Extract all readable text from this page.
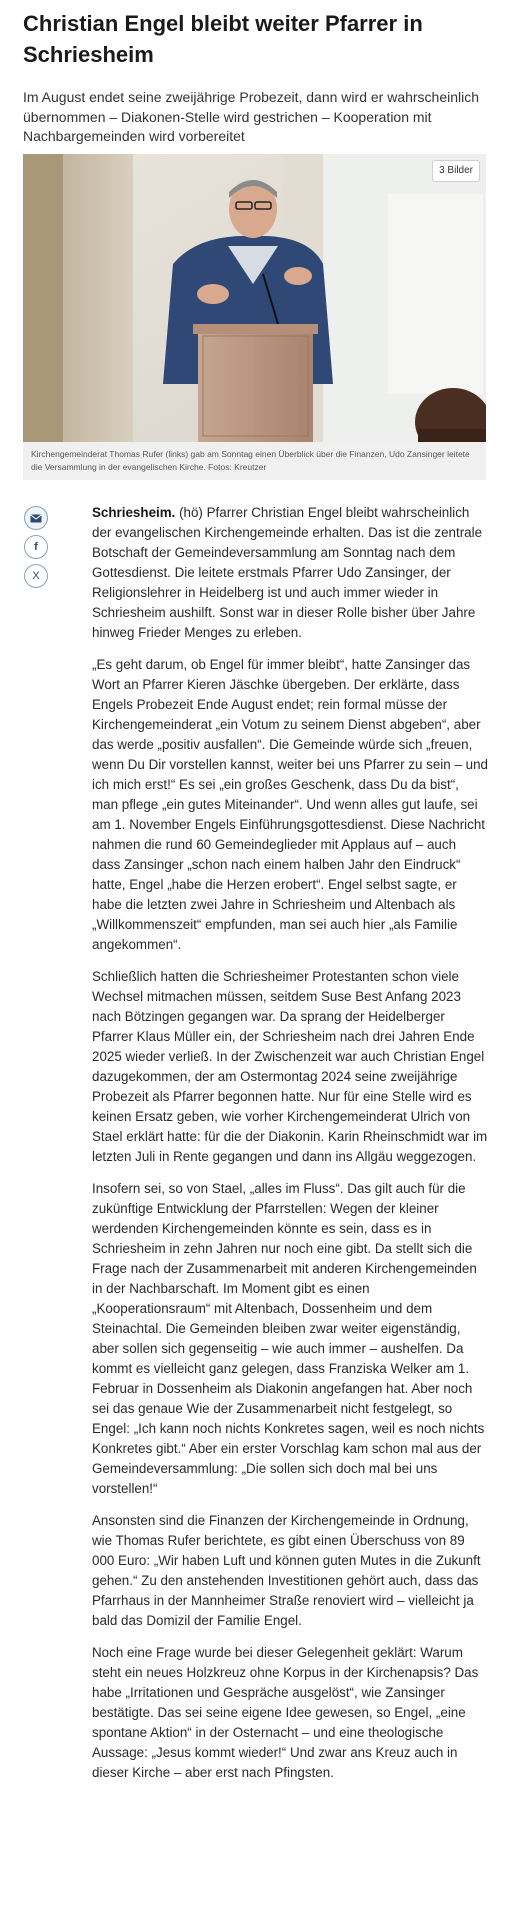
Christian Engel bleibt weiter Pfarrer in Schriesheim

Im August endet seine zweijährige Probezeit, dann wird er wahrscheinlich übernommen – Diakonen-Stelle wird gestrichen – Kooperation mit Nachbargemeinden wird vorbereitet

3 Bilder
Kirchengemeinderat Thomas Rufer (links) gab am Sonntag einen Überblick über die Finanzen, Udo Zansinger leitete die Versammlung in der evangelischen Kirche. Fotos: Kreutzer
f
X

Schriesheim. (hö) Pfarrer Christian Engel bleibt wahrscheinlich der evangelischen Kirchengemeinde erhalten. Das ist die zentrale Botschaft der Gemeindeversammlung am Sonntag nach dem Gottesdienst. Die leitete erstmals Pfarrer Udo Zansinger, der Religionslehrer in Heidelberg ist und auch immer wieder in Schriesheim aushilft. Sonst war in dieser Rolle bisher über Jahre hinweg Frieder Menges zu erleben.

„Es geht darum, ob Engel für immer bleibt“, hatte Zansinger das Wort an Pfarrer Kieren Jäschke übergeben. Der erklärte, dass Engels Probezeit Ende August endet; rein formal müsse der Kirchengemeinderat „ein Votum zu seinem Dienst abgeben“, aber das werde „positiv ausfallen“. Die Gemeinde würde sich „freuen, wenn Du Dir vorstellen kannst, weiter bei uns Pfarrer zu sein – und ich mich erst!“ Es sei „ein großes Geschenk, dass Du da bist“, man pflege „ein gutes Miteinander“. Und wenn alles gut laufe, sei am 1. November Engels Einführungsgottesdienst. Diese Nachricht nahmen die rund 60 Gemeindeglieder mit Applaus auf – auch dass Zansinger „schon nach einem halben Jahr den Eindruck“ hatte, Engel „habe die Herzen erobert“. Engel selbst sagte, er habe die letzten zwei Jahre in Schriesheim und Altenbach als „Willkommenszeit“ empfunden, man sei auch hier „als Familie angekommen“.

Schließlich hatten die Schriesheimer Protestanten schon viele Wechsel mitmachen müssen, seitdem Suse Best Anfang 2023 nach Bötzingen gegangen war. Da sprang der Heidelberger Pfarrer Klaus Müller ein, der Schriesheim nach drei Jahren Ende 2025 wieder verließ. In der Zwischenzeit war auch Christian Engel dazugekommen, der am Ostermontag 2024 seine zweijährige Probezeit als Pfarrer begonnen hatte. Nur für eine Stelle wird es keinen Ersatz geben, wie vorher Kirchengemeinderat Ulrich von Stael erklärt hatte: für die der Diakonin. Karin Rheinschmidt war im letzten Juli in Rente gegangen und dann ins Allgäu weggezogen.

Insofern sei, so von Stael, „alles im Fluss“. Das gilt auch für die zukünftige Entwicklung der Pfarrstellen: Wegen der kleiner werdenden Kirchengemeinden könnte es sein, dass es in Schriesheim in zehn Jahren nur noch eine gibt. Da stellt sich die Frage nach der Zusammenarbeit mit anderen Kirchengemeinden in der Nachbarschaft. Im Moment gibt es einen „Kooperationsraum“ mit Altenbach, Dossenheim und dem Steinachtal. Die Gemeinden bleiben zwar weiter eigenständig, aber sollen sich gegenseitig – wie auch immer – aushelfen. Da kommt es vielleicht ganz gelegen, dass Franziska Welker am 1. Februar in Dossenheim als Diakonin angefangen hat. Aber noch sei das genaue Wie der Zusammenarbeit nicht festgelegt, so Engel: „Ich kann noch nichts Konkretes sagen, weil es noch nichts Konkretes gibt.“ Aber ein erster Vorschlag kam schon mal aus der Gemeindeversammlung: „Die sollen sich doch mal bei uns vorstellen!“

Ansonsten sind die Finanzen der Kirchengemeinde in Ordnung, wie Thomas Rufer berichtete, es gibt einen Überschuss von 89 000 Euro: „Wir haben Luft und können guten Mutes in die Zukunft gehen.“ Zu den anstehenden Investitionen gehört auch, dass das Pfarrhaus in der Mannheimer Straße renoviert wird – vielleicht ja bald das Domizil der Familie Engel.

Noch eine Frage wurde bei dieser Gelegenheit geklärt: Warum steht ein neues Holzkreuz ohne Korpus in der Kirchenapsis? Das habe „Irritationen und Gespräche ausgelöst“, wie Zansinger bestätigte. Das sei seine eigene Idee gewesen, so Engel, „eine spontane Aktion“ in der Osternacht – und eine theologische Aussage: „Jesus kommt wieder!“ Und zwar ans Kreuz auch in dieser Kirche – aber erst nach Pfingsten.
